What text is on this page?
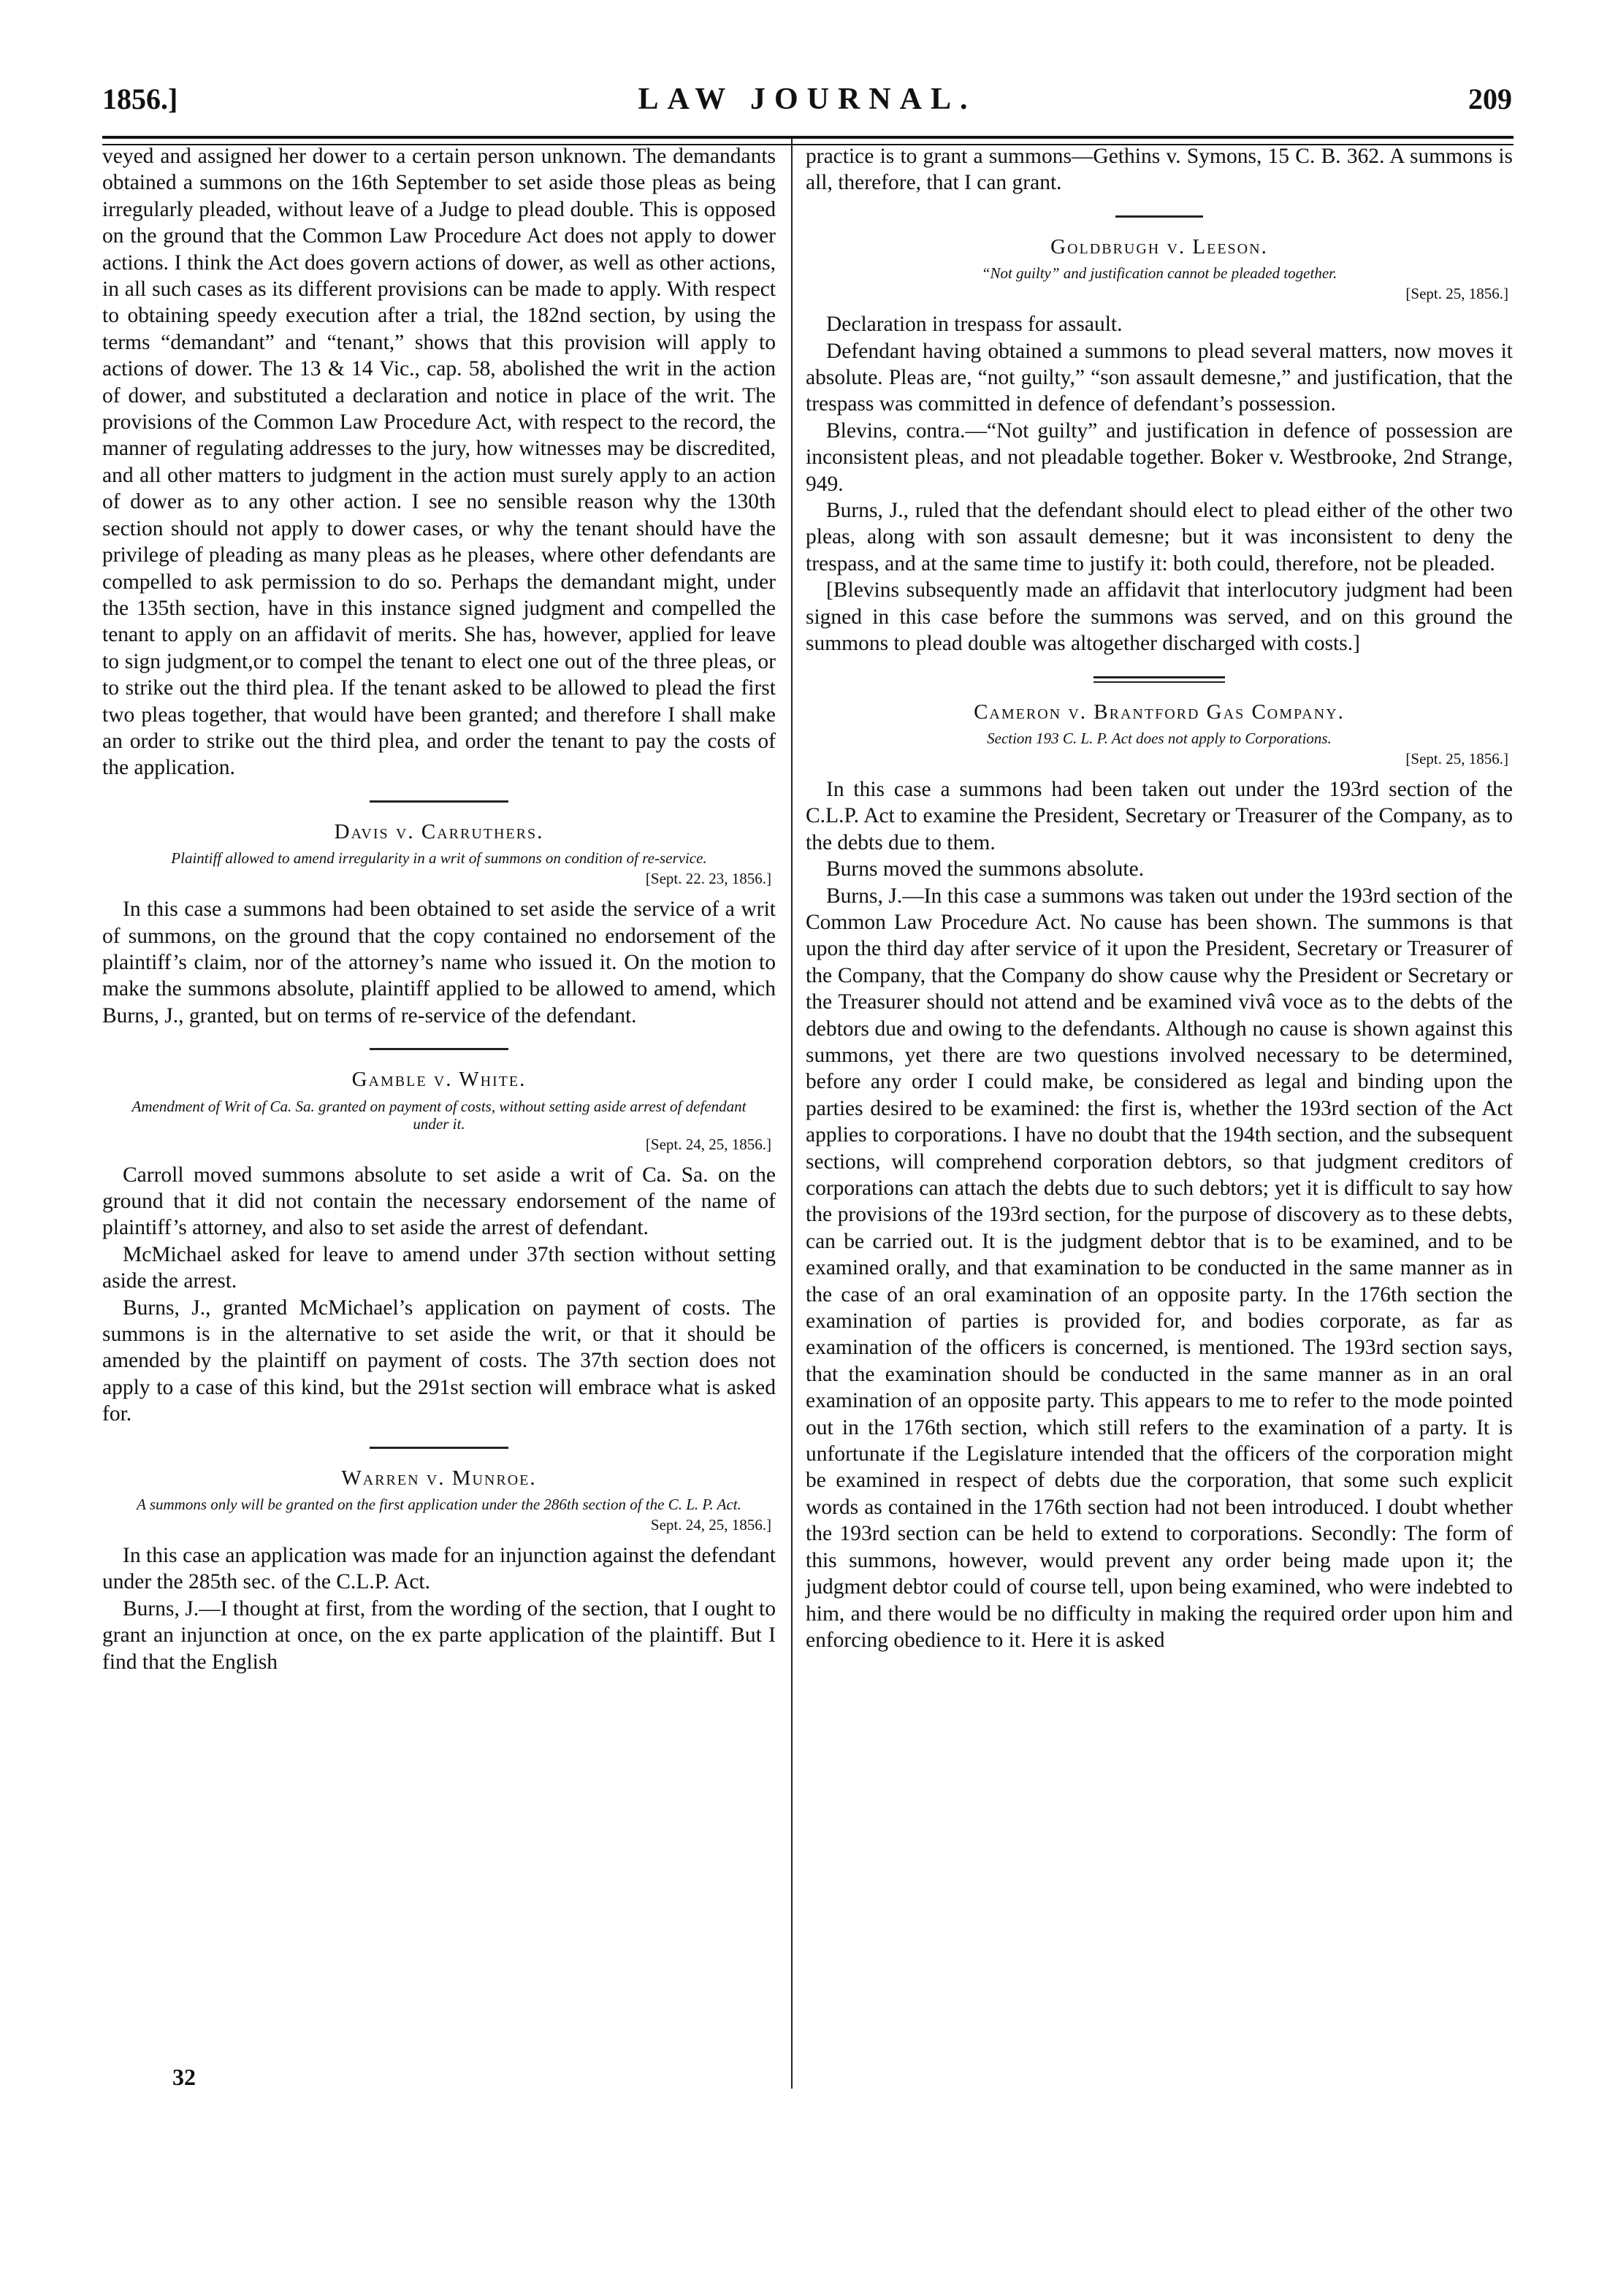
1856.]	LAW JOURNAL.	209

veyed and assigned her dower to a certain person unknown. The demandants obtained a summons on the 16th September to set aside those pleas as being irregularly pleaded, without leave of a Judge to plead double. This is opposed on the ground that the Common Law Procedure Act does not apply to dower actions. I think the Act does govern actions of dower, as well as other actions, in all such cases as its different provisions can be made to apply. With respect to obtaining speedy execution after a trial, the 182nd section, by using the terms “demandant” and “tenant,” shows that this provision will apply to actions of dower. The 13 & 14 Vic., cap. 58, abolished the writ in the action of dower, and substituted a declaration and notice in place of the writ. The provisions of the Common Law Procedure Act, with respect to the record, the manner of regulating addresses to the jury, how witnesses may be discredited, and all other matters to judgment in the action must surely apply to an action of dower as to any other action. I see no sensible reason why the 130th section should not apply to dower cases, or why the tenant should have the privilege of pleading as many pleas as he pleases, where other defendants are compelled to ask permission to do so. Perhaps the demandant might, under the 135th section, have in this instance signed judgment and compelled the tenant to apply on an affidavit of merits. She has, however, applied for leave to sign judgment,or to compel the tenant to elect one out of the three pleas, or to strike out the third plea. If the tenant asked to be allowed to plead the first two pleas together, that would have been granted; and therefore I shall make an order to strike out the third plea, and order the tenant to pay the costs of the application.

Davis v. Carruthers.
Plaintiff allowed to amend irregularity in a writ of summons on condition of re-service.
[Sept. 22. 23, 1856.]

In this case a summons had been obtained to set aside the service of a writ of summons, on the ground that the copy contained no endorsement of the plaintiff’s claim, nor of the attorney’s name who issued it. On the motion to make the summons absolute, plaintiff applied to be allowed to amend, which Burns, J., granted, but on terms of re-service of the defendant.

Gamble v. White.
Amendment of Writ of Ca. Sa. granted on payment of costs, without setting aside arrest of defendant under it.
[Sept. 24, 25, 1856.]

Carroll moved summons absolute to set aside a writ of Ca. Sa. on the ground that it did not contain the necessary endorsement of the name of plaintiff’s attorney, and also to set aside the arrest of defendant.

McMichael asked for leave to amend under 37th section without setting aside the arrest.

Burns, J., granted McMichael’s application on payment of costs. The summons is in the alternative to set aside the writ, or that it should be amended by the plaintiff on payment of costs. The 37th section does not apply to a case of this kind, but the 291st section will embrace what is asked for.

Warren v. Munroe.
A summons only will be granted on the first application under the 286th section of the C. L. P. Act.
Sept. 24, 25, 1856.]

In this case an application was made for an injunction against the defendant under the 285th sec. of the C.L.P. Act.

Burns, J.—I thought at first, from the wording of the section, that I ought to grant an injunction at once, on the ex parte application of the plaintiff. But I find that the English

32

practice is to grant a summons—Gethins v. Symons, 15 C. B. 362. A summons is all, therefore, that I can grant.

Goldbrugh v. Leeson.
“Not guilty” and justification cannot be pleaded together.
[Sept. 25, 1856.]

Declaration in trespass for assault.

Defendant having obtained a summons to plead several matters, now moves it absolute. Pleas are, “not guilty,” “son assault demesne,” and justification, that the trespass was committed in defence of defendant’s possession.

Blevins, contra.—“Not guilty” and justification in defence of possession are inconsistent pleas, and not pleadable together. Boker v. Westbrooke, 2nd Strange, 949.

Burns, J., ruled that the defendant should elect to plead either of the other two pleas, along with son assault demesne; but it was inconsistent to deny the trespass, and at the same time to justify it: both could, therefore, not be pleaded.

[Blevins subsequently made an affidavit that interlocutory judgment had been signed in this case before the summons was served, and on this ground the summons to plead double was altogether discharged with costs.]

Cameron v. Brantford Gas Company.
Section 193 C. L. P. Act does not apply to Corporations.
[Sept. 25, 1856.]

In this case a summons had been taken out under the 193rd section of the C.L.P. Act to examine the President, Secretary or Treasurer of the Company, as to the debts due to them.

Burns moved the summons absolute.

Burns, J.—In this case a summons was taken out under the 193rd section of the Common Law Procedure Act. No cause has been shown. The summons is that upon the third day after service of it upon the President, Secretary or Treasurer of the Company, that the Company do show cause why the President or Secretary or the Treasurer should not attend and be examined vivâ voce as to the debts of the debtors due and owing to the defendants. Although no cause is shown against this summons, yet there are two questions involved necessary to be determined, before any order I could make, be considered as legal and binding upon the parties desired to be examined: the first is, whether the 193rd section of the Act applies to corporations. I have no doubt that the 194th section, and the subsequent sections, will comprehend corporation debtors, so that judgment creditors of corporations can attach the debts due to such debtors; yet it is difficult to say how the provisions of the 193rd section, for the purpose of discovery as to these debts, can be carried out. It is the judgment debtor that is to be examined, and to be examined orally, and that examination to be conducted in the same manner as in the case of an oral examination of an opposite party. In the 176th section the examination of parties is provided for, and bodies corporate, as far as examination of the officers is concerned, is mentioned. The 193rd section says, that the examination should be conducted in the same manner as in an oral examination of an opposite party. This appears to me to refer to the mode pointed out in the 176th section, which still refers to the examination of a party. It is unfortunate if the Legislature intended that the officers of the corporation might be examined in respect of debts due the corporation, that some such explicit words as contained in the 176th section had not been introduced. I doubt whether the 193rd section can be held to extend to corporations. Secondly: The form of this summons, however, would prevent any order being made upon it; the judgment debtor could of course tell, upon being examined, who were indebted to him, and there would be no difficulty in making the required order upon him and enforcing obedience to it. Here it is asked
